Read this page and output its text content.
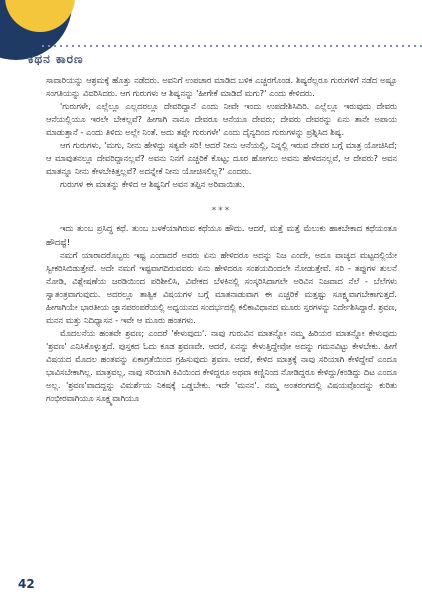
ಕಥನ ಕಾರಣ

ಸಾವಾರಿಯನ್ನು ಆಶ್ರಮಕ್ಕೆ ಹೊತ್ತು ನಡೆದರು. ಅವನಿಗೆ ಉಪಚಾರ ಮಾಡಿದ ಬಳಿಕ ಎಚ್ಚರಗೊಂಡ. ಶಿಷ್ಯರೆಲ್ಲರೂ ಗುರುಗಳಿಗೆ ನಡೆದ ಅಷ್ಟೂ ಸಂಗತಿಯನ್ನು ವಿವರಿಸಿದರು. ಆಗ ಗುರುಗಳು ಆ ಶಿಷ್ಯನನ್ನು 'ಹೀಗೇಕೆ ಮಾಡಿದೆ ಮಗು?' ಎಂದು ಕೇಳಿದರು.

'ಗುರುಗಳೇ, ಎಲ್ಲೆಲ್ಲೂ ಎಲ್ಲದರಲ್ಲೂ ದೇವರಿದ್ದಾನೆ ಎಂದು ನೀವೇ ಇಂದು ಉಪದೇಶಿಸಿದಿರಿ. ಎಲ್ಲೆಲ್ಲೂ ಇರುವುದು ದೇವರು ಆನೆಯಲ್ಲಿಯೂ ಇರಲೇ ಬೇಕಲ್ಲವೆ? ಹೀಗಾಗಿ ನಾನೂ ದೇವರೂ ಆನೆಯೂ ದೇವರು; ದೇವರು ದೇವರನ್ನು ಏನು ತಾನೇ ಅಪಾಯ ಮಾಡುತ್ತಾನೆ - ಎಂದು ತಿಳಿದು ಅಲ್ಲೇ ನಿಂತೆ. ಅದು ತಪ್ಪೇ ಗುರುಗಳೇ' ಎಂದು ದೈನ್ಯದಿಂದ ಗುರುಗಳನ್ನು ಪ್ರಶ್ನಿಸಿದ ಶಿಷ್ಯ.

ಆಗ ಗುರುಗಳು, 'ಮಗು, ನೀನು ಹೇಳಿದ್ದು ಸತ್ಯವೇ ಸರಿ! ಆದರೆ ನೀನು ಆನೆಯಲ್ಲಿ, ನಿನ್ನಲ್ಲಿ ಇರುವ ದೇವರ ಬಗ್ಗೆ ಮಾತ್ರ ಯೋಚಿಸಿದೆ; ಆ ಮಾವುತನಲ್ಲೂ ದೇವರಿದ್ದಾನಲ್ಲವೆ? ಅವನು ನಿನಗೆ ಎಚ್ಚರಿಕೆ ಕೊಟ್ಟ; ದೂರ ಹೋಗಲು ಅವನು ಹೇಳಿದನಲ್ಲವೆ, ಆ ದೇವರು? ಅವನ ಮಾತನ್ನೂ ನೀನು ಕೇಳಬೇಕಿತ್ತಲ್ಲವೆ? ಅದನ್ನೇಕೆ ನೀನು ಯೋಚಿಸಲಿಲ್ಲ?' ಎಂದರು.

ಗುರುಗಳ ಈ ಮಾತನ್ನು ಕೇಳಿದ ಆ ಶಿಷ್ಯನಿಗೆ ಅವನ ತಪ್ಪಿನ ಅರಿವಾಯಿತು.

***

ಇದು ತುಂಬ ಪ್ರಸಿದ್ಧ ಕಥೆ. ತುಂಬ ಬಳಕೆಯಾಗಿರುವ ಕಥೆಯೂ ಹೌದು. ಆದರೆ, ಮತ್ತೆ ಮತ್ತೆ ಮೆಲುಕು ಹಾಕಬೇಕಾದ ಕಥೆಯಂತೂ ಹೌದಷ್ಟೆ!

ನಮಗೆ ಯಾರಾದರೊಬ್ಬರು ಇಷ್ಟ ಎಂದಾದರೆ ಅವರು ಏನು ಹೇಳಿದರೂ ಅದನ್ನು ನಿಜ ಎಂದೇ, ಅದೂ ವಾಚ್ಯದ ಮಟ್ಟದಲ್ಲಿಯೇ ಸ್ವೀಕರಿಸಿಬಿಡುತ್ತೇವೆ. ಅದೇ ನಮಗೆ ಇಷ್ಟವಾಗದಿರುವವರು ಏನು ಹೇಳಿದರೂ ಸಂಶಯದಿಂದಲೇ ನೋಡುತ್ತೇವೆ. ಸರಿ - ತಪ್ಪುಗಳ ತುಲನೆ ನೋಡಿ, ವಿಶ್ಲೇಷಣೆಯ ಜರಡಿಯಿಂದ ಪರಿಶೀಲಿಸಿ, ವಿವೇಕದ ಬೆಳಕಿನಲ್ಲಿ ಸಂಸ್ಕರಿಸಿದಾಗಲೇ ಅರಿವಿನ ನಿಜವಾದ ನೆಲೆ - ಬೆಲೆಗಳು ಸ್ವಾತಂತ್ರವಾಗುವುದು. ಅದರಲ್ಲೂ ತಾತ್ವಿಕ ವಿಷಯಗಳ ಬಗ್ಗೆ ಮಾತನಾಡುವಾಗ ಈ ಎಚ್ಚರಿಕೆ ಮತ್ತಷ್ಟು ಸೂಕ್ಷ್ಮವಾಗಬೇಕಾಗುತ್ತದೆ. ಹೀಗಾಗಿಯೇ ಭಾರತೀಯ ಜ್ಞಾನಪರಂಪರೆಯಲ್ಲಿ ಅಧ್ಯಯನದ ಸಂದರ್ಭದಲ್ಲಿ ಕಲಿಕಾವಿಧಾನದ ಮೂರು ಸ್ತರಗಳನ್ನು ನಿರ್ದೇಶಿಸಿದ್ದಾರೆ. ಶ್ರವಣ, ಮನನ ಮತ್ತು ನಿದಿಧ್ಯಾಸನ - ಇವೇ ಆ ಮೂರು ಹಂತಗಳು.

ಮೊದಲನೆಯ ಹಂತವೇ ಶ್ರವಣ; ಎಂದರೆ 'ಕೇಳುವುದು'. ನಾವು ಗುರುವಿನ ಮಾತನ್ನೋ ನಮ್ಮ ಹಿರಿಯರ ಮಾತನ್ನೋ ಕೇಳುವುದು 'ಶ್ರವಣ' ಎನಿಸಿಕೊಳ್ಳುತ್ತದೆ. ಪುಸ್ತಕದ ಓದು ಕೂಡ ಶ್ರವಣವೇ. ಆದರೆ, ಏನನ್ನು ಕೇಳುತ್ತಿದ್ದೇವೋ ಅದನ್ನು ಗಮನವಿಟ್ಟು ಕೇಳಬೇಕು. ಹೀಗೆ ವಿಷಯದ ಮೊದಲ ಹಂತವನ್ನು ಏಕಾಗ್ರತೆಯಿಂದ ಗ್ರಹಿಸುವುದು ಶ್ರವಣ. ಆದರೆ, ಕೇಳಿದ ಮಾತ್ರಕ್ಕೆ ನಾವು ಸರಿಯಾಗಿ ಕೇಳಿದ್ದೇವೆ ಎಂದೂ ಭಾವಿಸಬೇಕಾಗಿಲ್ಲ. ಮಾತ್ರವಲ್ಲ, ನಾವು ಸರಿಯಾಗಿ ಕಿವಿಯಿಂದ ಕೇಳಿದ್ದರೂ ಅಥವಾ ಕಣ್ಣಿನಿಂದ ನೋಡಿದ್ದರೂ ಕೇಳಿದ್ದು/ಕಂಡಿದ್ದು ದಿಟ ಎಂದೂ ಅಲ್ಲ. 'ಶ್ರವಣ'ವಾದದ್ದನ್ನು ವಿಮರ್ಶೆಯ ನಿಕಷಕ್ಕೆ ಒಡ್ಡಬೇಕು. ಇದೇ 'ಮನನ'. ನಮ್ಮ ಅಂತರಂಗದಲ್ಲಿ ವಿಷಯವೊಂದನ್ನು ಕುರಿತು ಗಂಭೀರವಾಗಿಯೂ ಸೂಕ್ಷ್ಮವಾಗಿಯೂ

42
